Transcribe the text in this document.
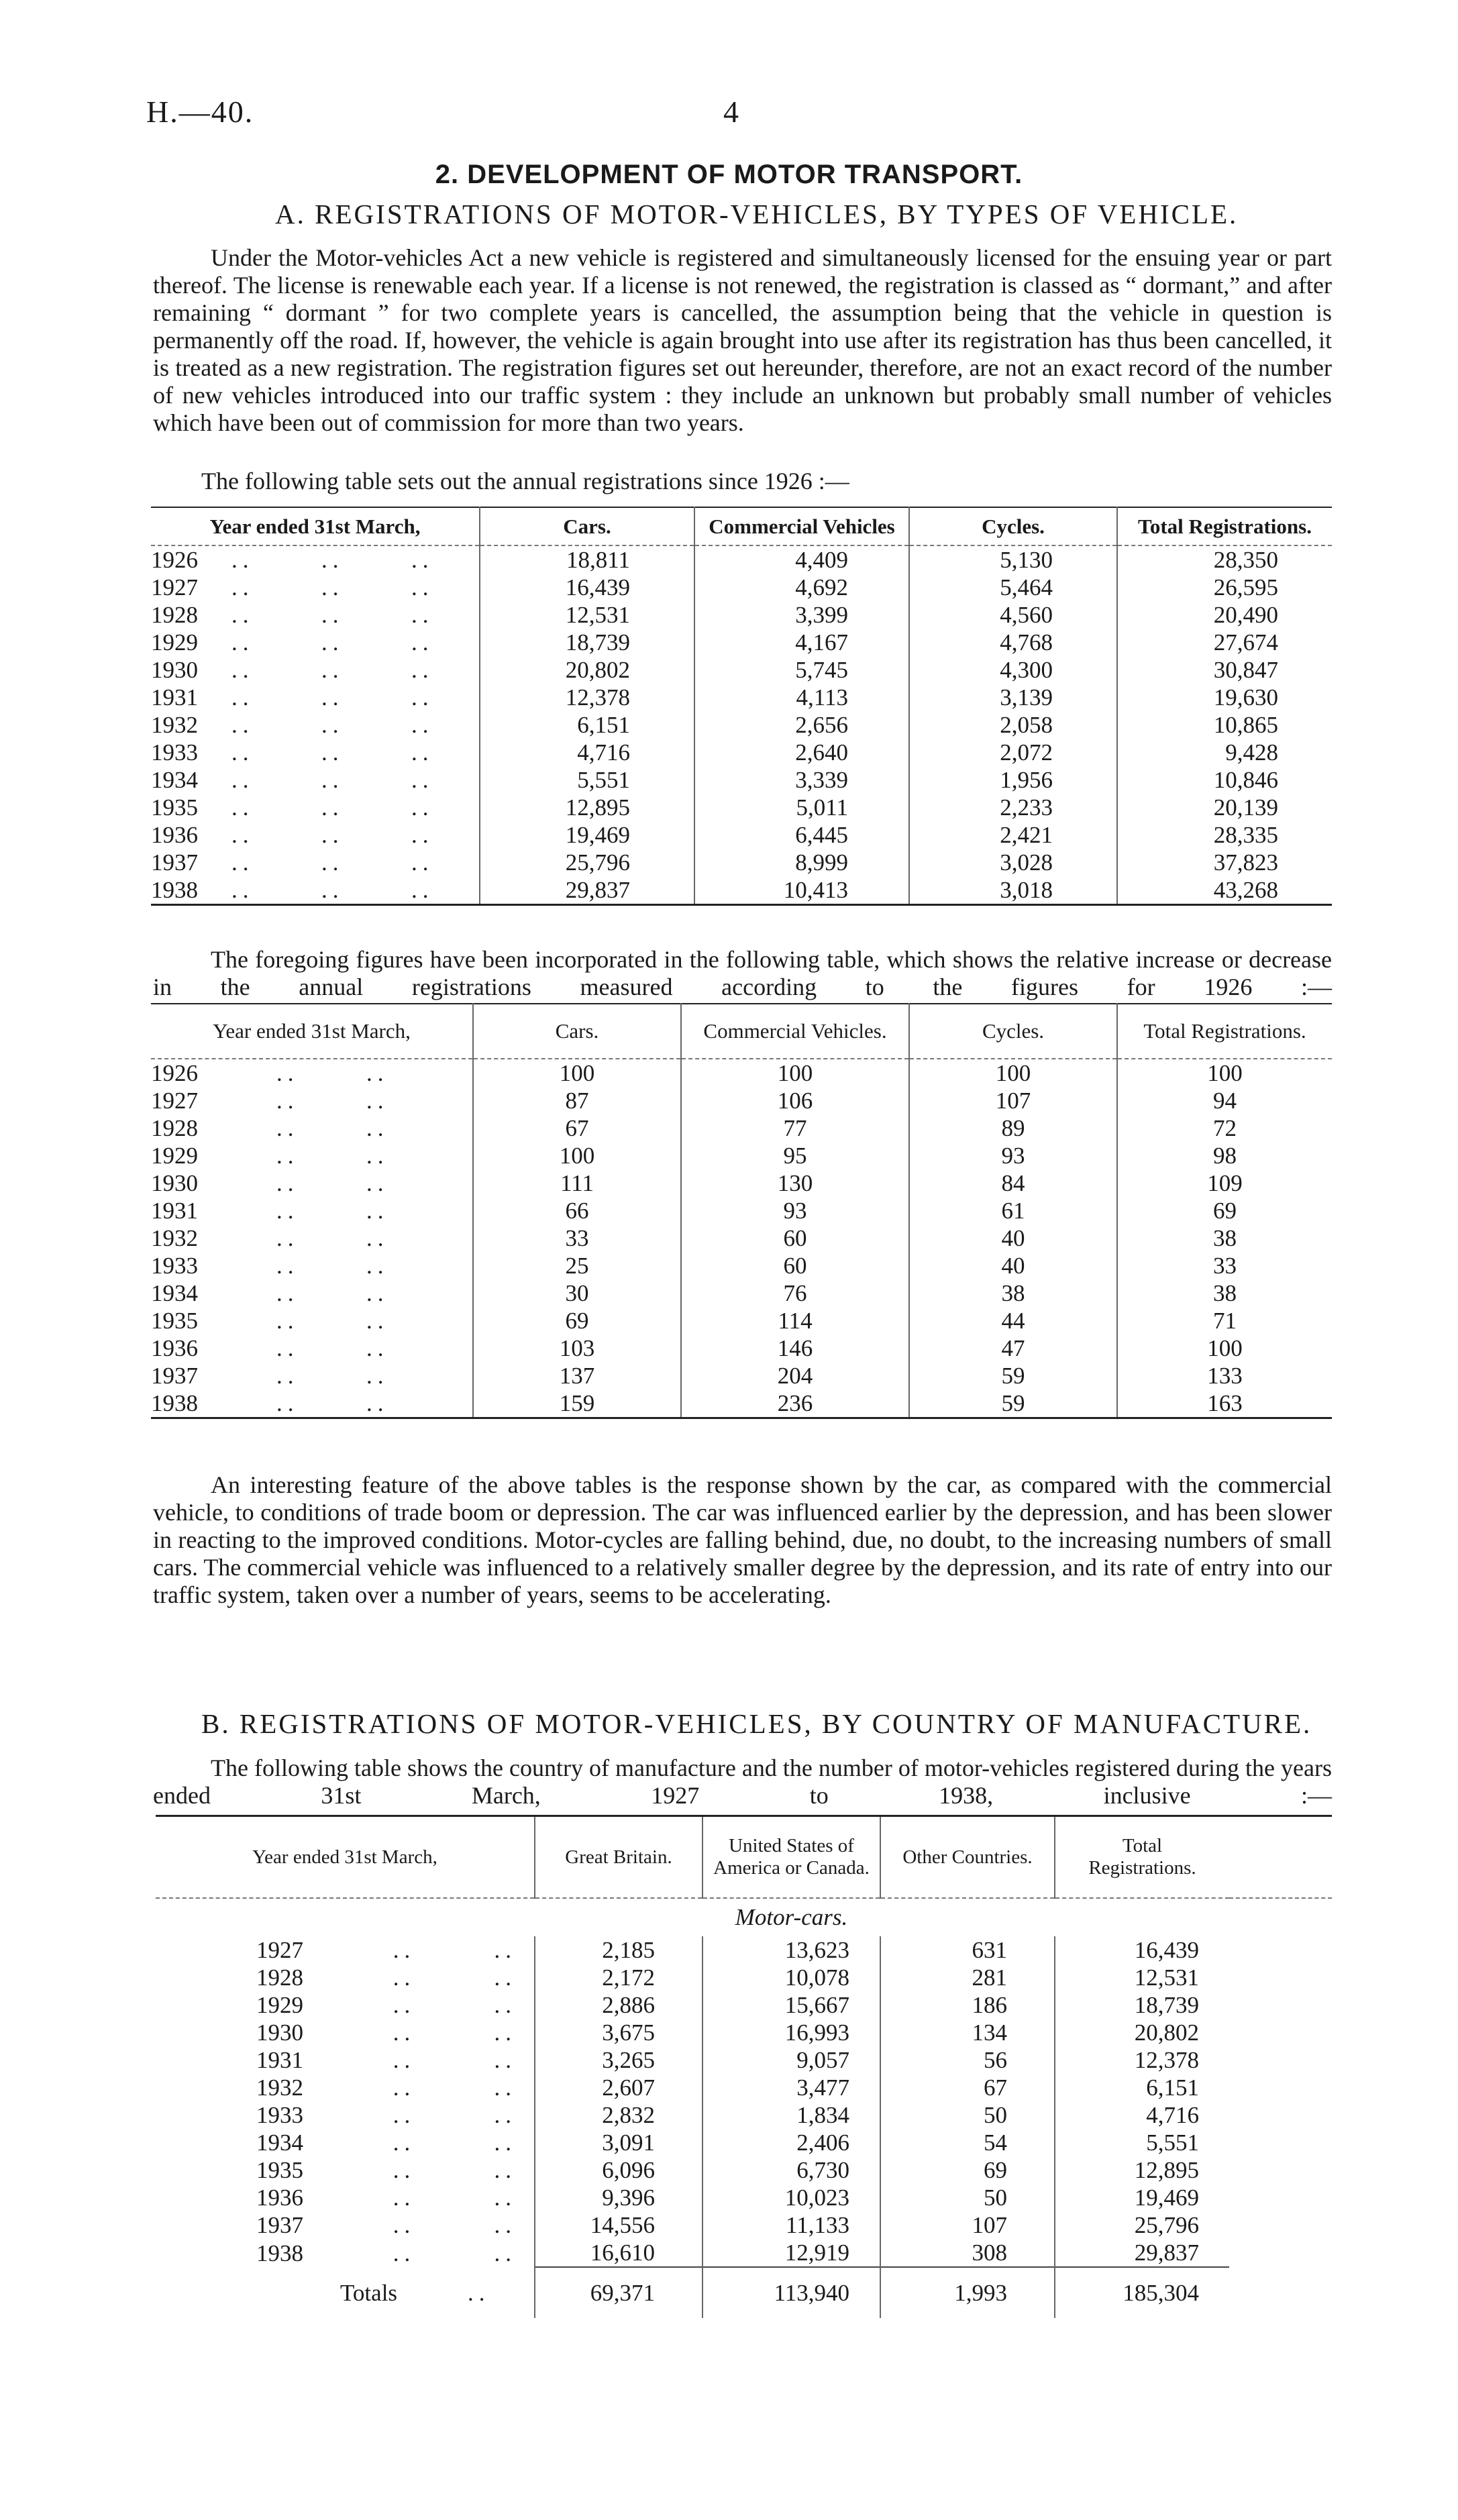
H.—40.	4
2. DEVELOPMENT OF MOTOR TRANSPORT.
A. REGISTRATIONS OF MOTOR-VEHICLES, BY TYPES OF VEHICLE.

Under the Motor-vehicles Act a new vehicle is registered and simultaneously licensed for the ensuing year or part thereof. The license is renewable each year. If a license is not renewed, the registration is classed as “ dormant,” and after remaining “ dormant ” for two complete years is cancelled, the assumption being that the vehicle in question is permanently off the road. If, however, the vehicle is again brought into use after its registration has thus been cancelled, it is treated as a new registration. The registration figures set out hereunder, therefore, are not an exact record of the number of new vehicles introduced into our traffic system : they include an unknown but probably small number of vehicles which have been out of commission for more than two years.

The following table sets out the annual registrations since 1926 :—
Year ended 31st March,	Cars.	Commercial Vehicles	Cycles.	Total Registrations.
1926 ..      ..      ..	18,811	4,409	5,130	28,350
1927 ..      ..      ..	16,439	4,692	5,464	26,595
1928 ..      ..      ..	12,531	3,399	4,560	20,490
1929 ..      ..      ..	18,739	4,167	4,768	27,674
1930 ..      ..      ..	20,802	5,745	4,300	30,847
1931 ..      ..      ..	12,378	4,113	3,139	19,630
1932 ..      ..      ..	6,151	2,656	2,058	10,865
1933 ..      ..      ..	4,716	2,640	2,072	9,428
1934 ..      ..      ..	5,551	3,339	1,956	10,846
1935 ..      ..      ..	12,895	5,011	2,233	20,139
1936 ..      ..      ..	19,469	6,445	2,421	28,335
1937 ..      ..      ..	25,796	8,999	3,028	37,823
1938 ..      ..      ..	29,837	10,413	3,018	43,268

The foregoing figures have been incorporated in the following table, which shows the relative increase or decrease in the annual registrations measured according to the figures for 1926 :—

Year ended 31st March,	Cars.	Commercial Vehicles.	Cycles.	Total Registrations.
1926    ..      ..	100	100	100	100
1927    ..      ..	87	106	107	94
1928    ..      ..	67	77	89	72
1929    ..      ..	100	95	93	98
1930    ..      ..	111	130	84	109
1931    ..      ..	66	93	61	69
1932    ..      ..	33	60	40	38
1933    ..      ..	25	60	40	33
1934    ..      ..	30	76	38	38
1935    ..      ..	69	114	44	71
1936    ..      ..	103	146	47	100
1937    ..      ..	137	204	59	133
1938    ..      ..	159	236	59	163

An interesting feature of the above tables is the response shown by the car, as compared with the commercial vehicle, to conditions of trade boom or depression. The car was influenced earlier by the depression, and has been slower in reacting to the improved conditions. Motor-cycles are falling behind, due, no doubt, to the increasing numbers of small cars. The commercial vehicle was influenced to a relatively smaller degree by the depression, and its rate of entry into our traffic system, taken over a number of years, seems to be accelerating.

B. REGISTRATIONS OF MOTOR-VEHICLES, BY COUNTRY OF MANUFACTURE.

The following table shows the country of manufacture and the number of motor-vehicles registered during the years ended 31st March, 1927 to 1938, inclusive :—

Year ended 31st March,	Great Britain.	United States of America or Canada.	Other Countries.	Total Registrations.	
		Motor-cars.			
1927     ..       ..	2,185	13,623	631	16,439	
1928     ..       ..	2,172	10,078	281	12,531	
1929     ..       ..	2,886	15,667	186	18,739	
1930     ..       ..	3,675	16,993	134	20,802	
1931     ..       ..	3,265	9,057	56	12,378	
1932     ..       ..	2,607	3,477	67	6,151	
1933     ..       ..	2,832	1,834	50	4,716	
1934     ..       ..	3,091	2,406	54	5,551	
1935     ..       ..	6,096	6,730	69	12,895	
1936     ..       ..	9,396	10,023	50	19,469	
1937     ..       ..	14,556	11,133	107	25,796	
1938     ..       ..	16,610	12,919	308	29,837	
Totals ..	69,371	113,940	1,993	185,304	
